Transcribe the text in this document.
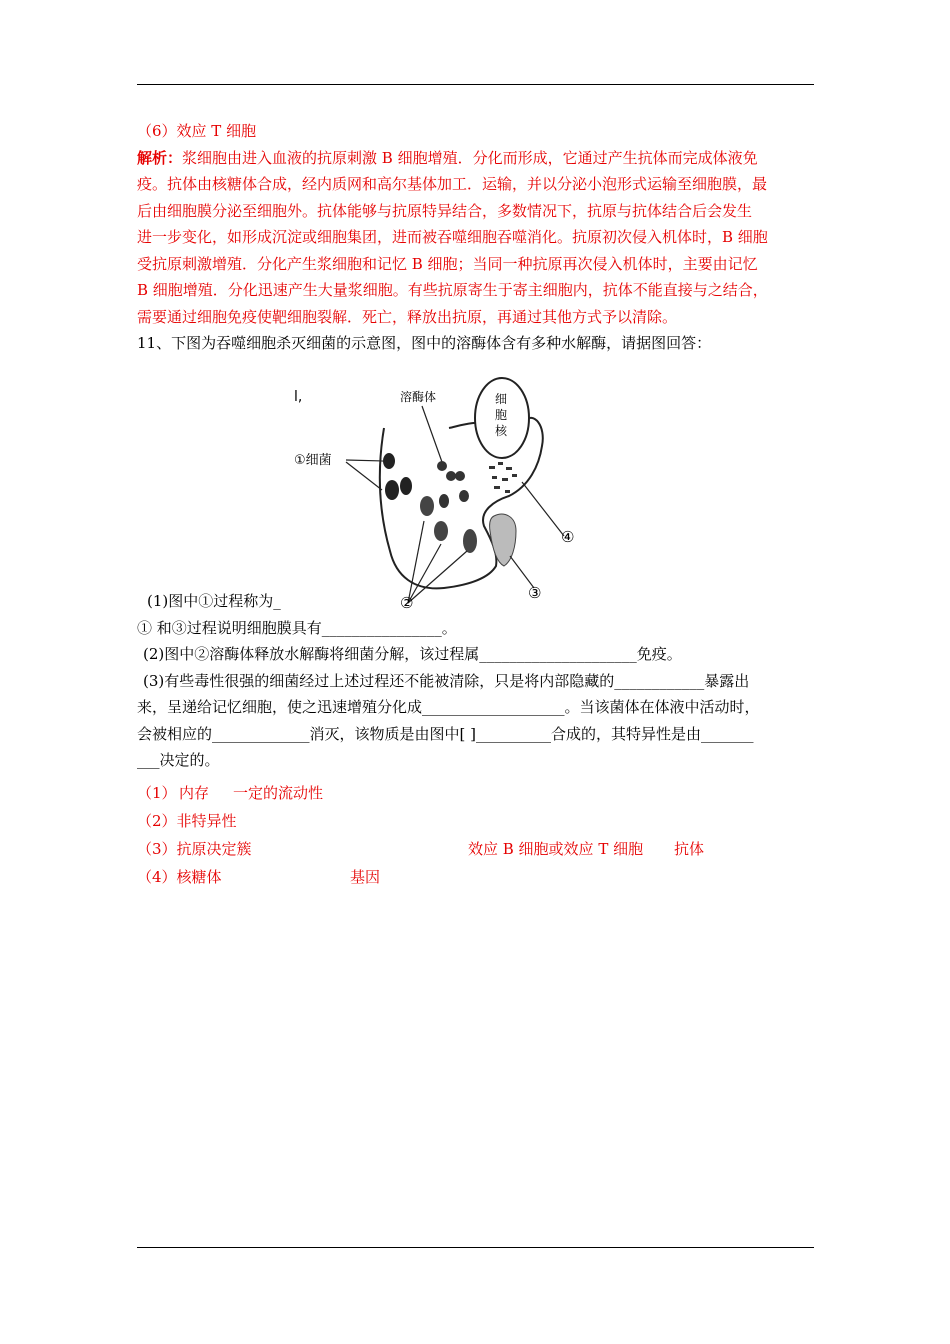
（6）效应 T 细胞
解析：浆细胞由进入血液的抗原刺激 B 细胞增殖．分化而形成，它通过产生抗体而完成体液免
疫。抗体由核糖体合成，经内质网和高尔基体加工．运输，并以分泌小泡形式运输至细胞膜，最
后由细胞膜分泌至细胞外。抗体能够与抗原特异结合，多数情况下，抗原与抗体结合后会发生
进一步变化，如形成沉淀或细胞集团，进而被吞噬细胞吞噬消化。抗原初次侵入机体时，B 细胞
受抗原刺激增殖．分化产生浆细胞和记忆 B 细胞；当同一种抗原再次侵入机体时，主要由记忆
B 细胞增殖．分化迅速产生大量浆细胞。有些抗原寄生于寄主细胞内，抗体不能直接与之结合，
需要通过细胞免疫使靶细胞裂解．死亡，释放出抗原，再通过其他方式予以清除。
11、下图为吞噬细胞杀灭细菌的示意图，图中的溶酶体含有多种水解酶，请据图回答：
细
胞
核
l,	溶酶体
①细菌
②
③
④
(1)图中①过程称为_
① 和③过程说明细胞膜具有________________。
(2)图中②溶酶体释放水解酶将细菌分解，该过程属_____________________免疫。
(3)有些毒性很强的细菌经过上述过程还不能被清除，只是将内部隐藏的____________暴露出
来，呈递给记忆细胞，使之迅速增殖分化成___________________。当该菌体在体液中活动时，
会被相应的_____________消灭，该物质是由图中[ ]__________合成的，其特异性是由_______
___决定的。
（1） 内存 一定的流动性
（2）非特异性
（3）抗原决定簇	效应 B 细胞或效应 T 细胞 抗体
（4）核糖体	基因
